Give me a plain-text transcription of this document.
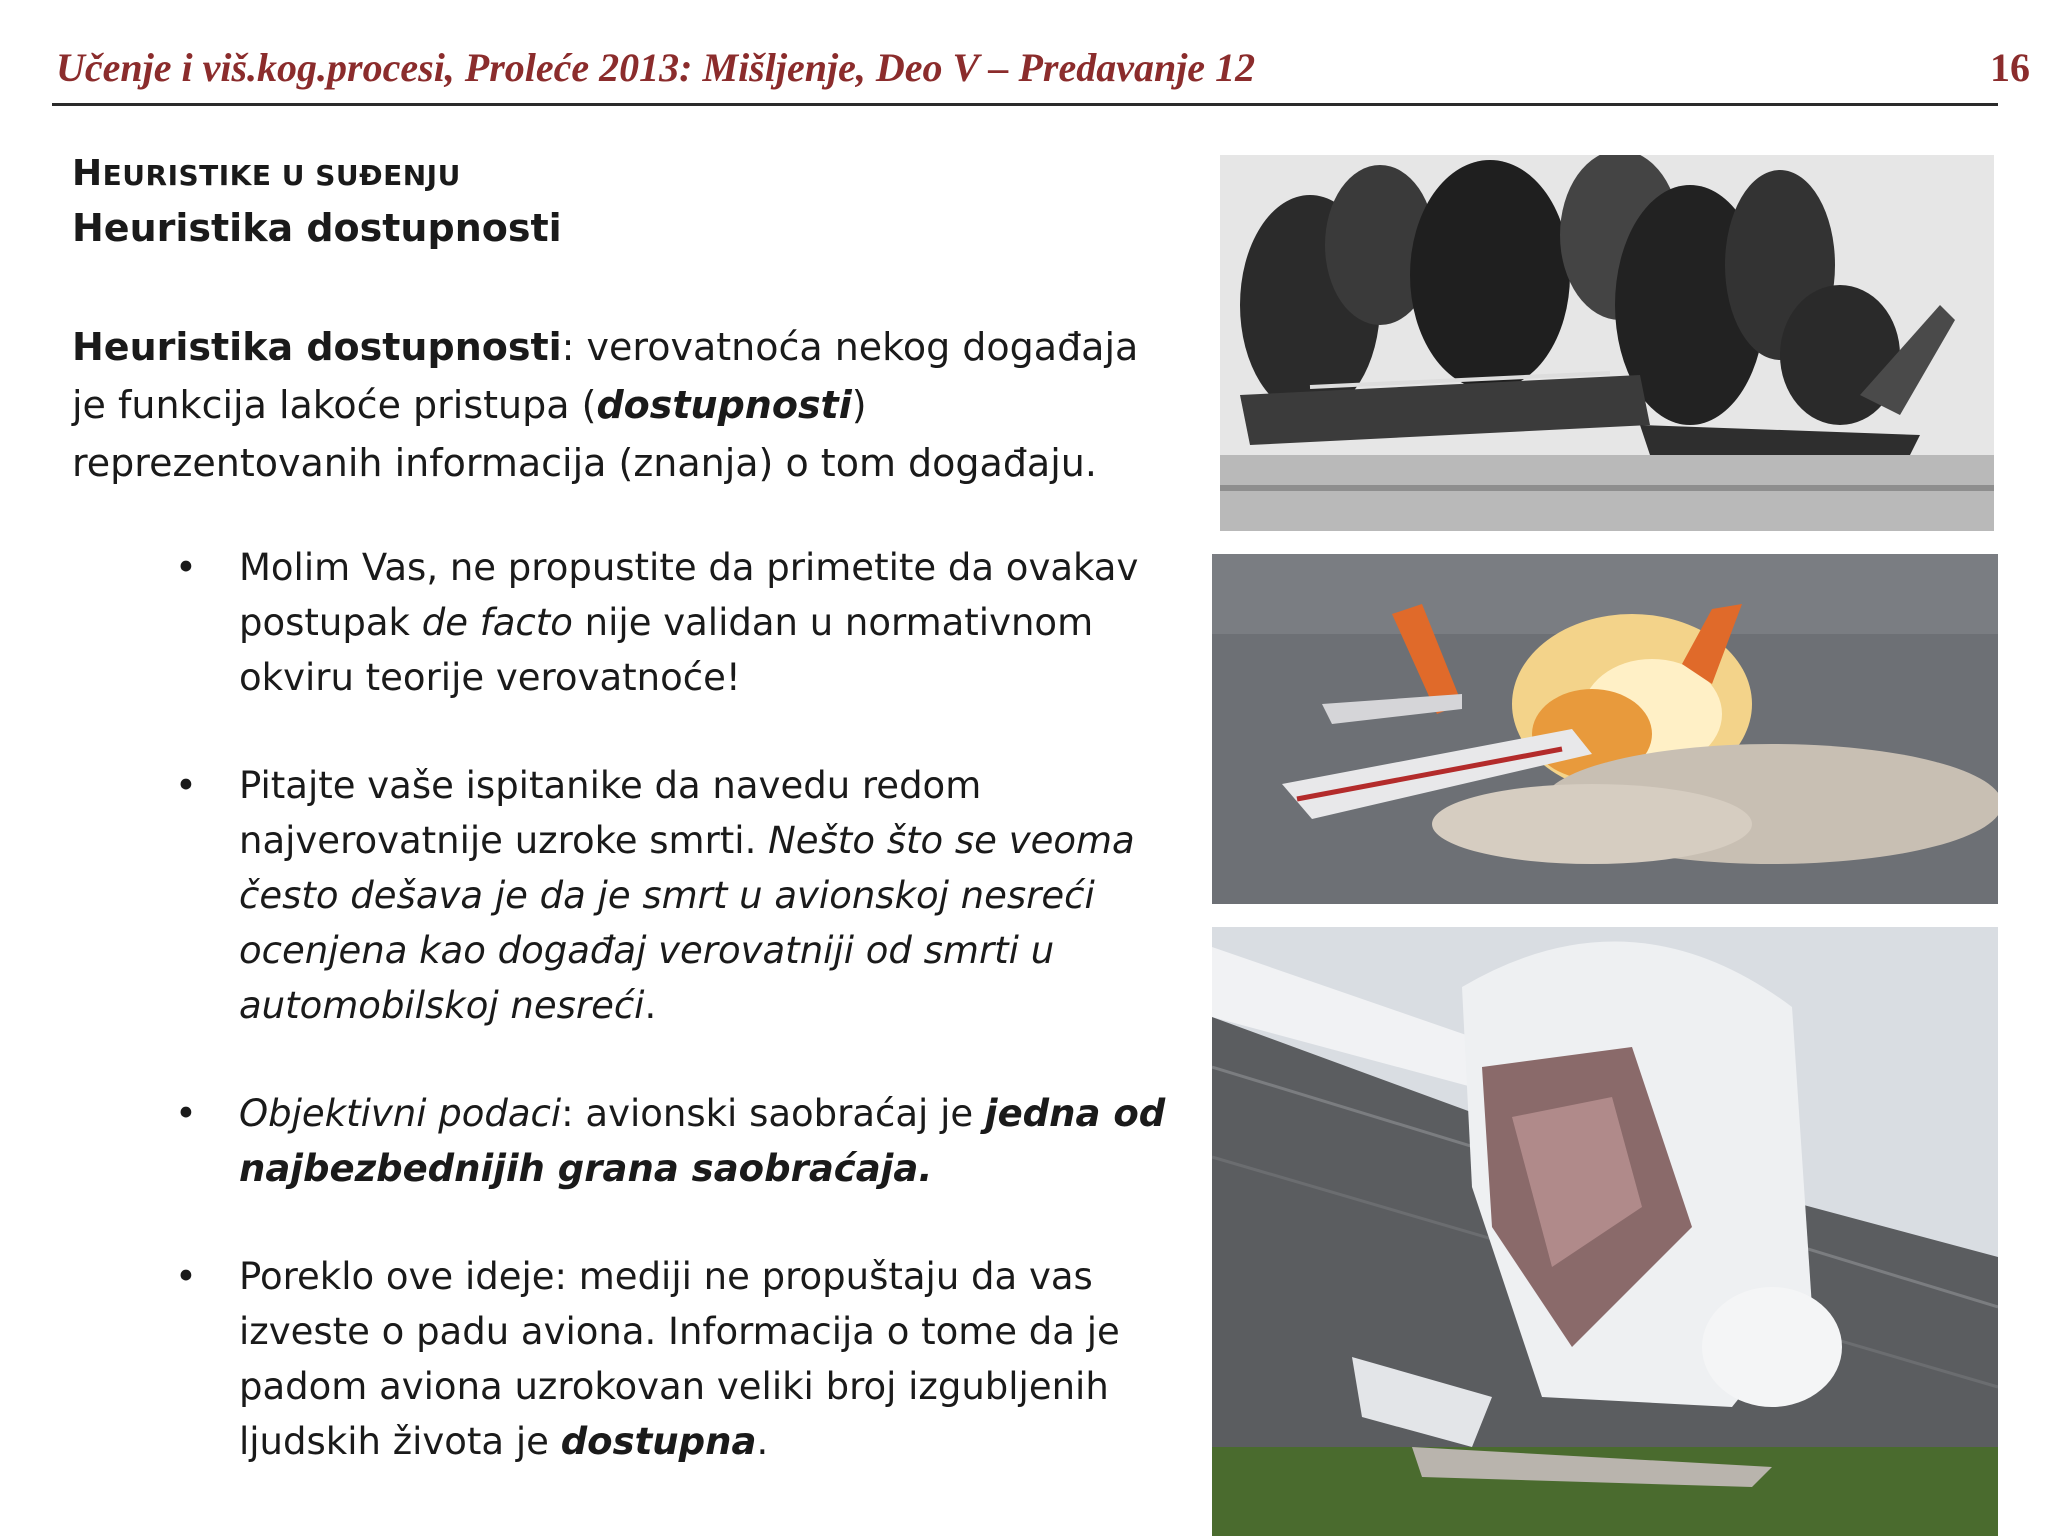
Učenje i viš.kog.procesi, Proleće 2013: Mišljenje, Deo V – Predavanje 12	16
HEURISTIKE U SUĐENJU
Heuristika dostupnosti
Heuristika dostupnosti: verovatnoća nekog događaja je funkcija lakoće pristupa (dostupnosti) reprezentovanih informacija (znanja) o tom događaju.
• Molim Vas, ne propustite da primetite da ovakav postupak de facto nije validan u normativnom okviru teorije verovatnoće!
• Pitajte vaše ispitanike da navedu redom najverovatnije uzroke smrti. Nešto što se veoma često dešava je da je smrt u avionskoj nesreći ocenjena kao događaj verovatniji od smrti u automobilskoj nesreći.
• Objektivni podaci: avionski saobraćaj je jedna od najbezbednijih grana saobraćaja.
• Poreklo ove ideje: mediji ne propuštaju da vas izveste o padu aviona. Informacija o tome da je padom aviona uzrokovan veliki broj izgubljenih ljudskih života je dostupna.
